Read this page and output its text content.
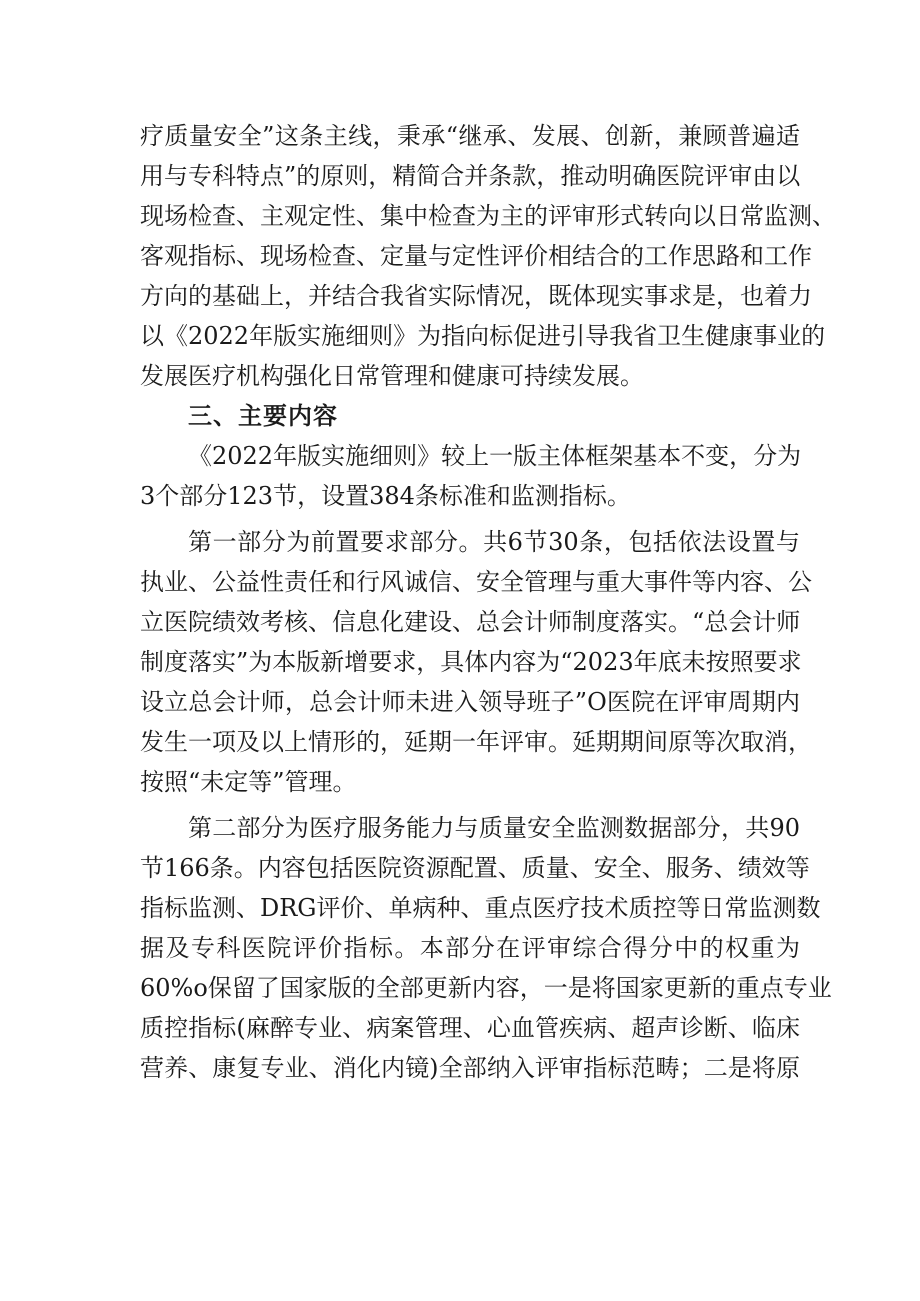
疗质量安全”这条主线，秉承“继承、发展、创新，兼顾普遍适
用与专科特点”的原则，精简合并条款，推动明确医院评审由以
现场检查、主观定性、集中检查为主的评审形式转向以日常监测、
客观指标、现场检查、定量与定性评价相结合的工作思路和工作
方向的基础上，并结合我省实际情况，既体现实事求是，也着力
以《2022年版实施细则》为指向标促进引导我省卫生健康事业的
发展医疗机构强化日常管理和健康可持续发展。
三、主要内容
《2022年版实施细则》较上一版主体框架基本不变，分为
3个部分123节，设置384条标准和监测指标。
第一部分为前置要求部分。共6节30条，包括依法设置与
执业、公益性责任和行风诚信、安全管理与重大事件等内容、公
立医院绩效考核、信息化建设、总会计师制度落实。“总会计师
制度落实”为本版新增要求，具体内容为“2023年底未按照要求
设立总会计师，总会计师未进入领导班子”O医院在评审周期内
发生一项及以上情形的，延期一年评审。延期期间原等次取消，
按照“未定等”管理。
第二部分为医疗服务能力与质量安全监测数据部分，共90
节166条。内容包括医院资源配置、质量、安全、服务、绩效等
指标监测、DRG评价、单病种、重点医疗技术质控等日常监测数
据及专科医院评价指标。本部分在评审综合得分中的权重为
60%o保留了国家版的全部更新内容，一是将国家更新的重点专业
质控指标(麻醉专业、病案管理、心血管疾病、超声诊断、临床
营养、康复专业、消化内镜)全部纳入评审指标范畴；二是将原
